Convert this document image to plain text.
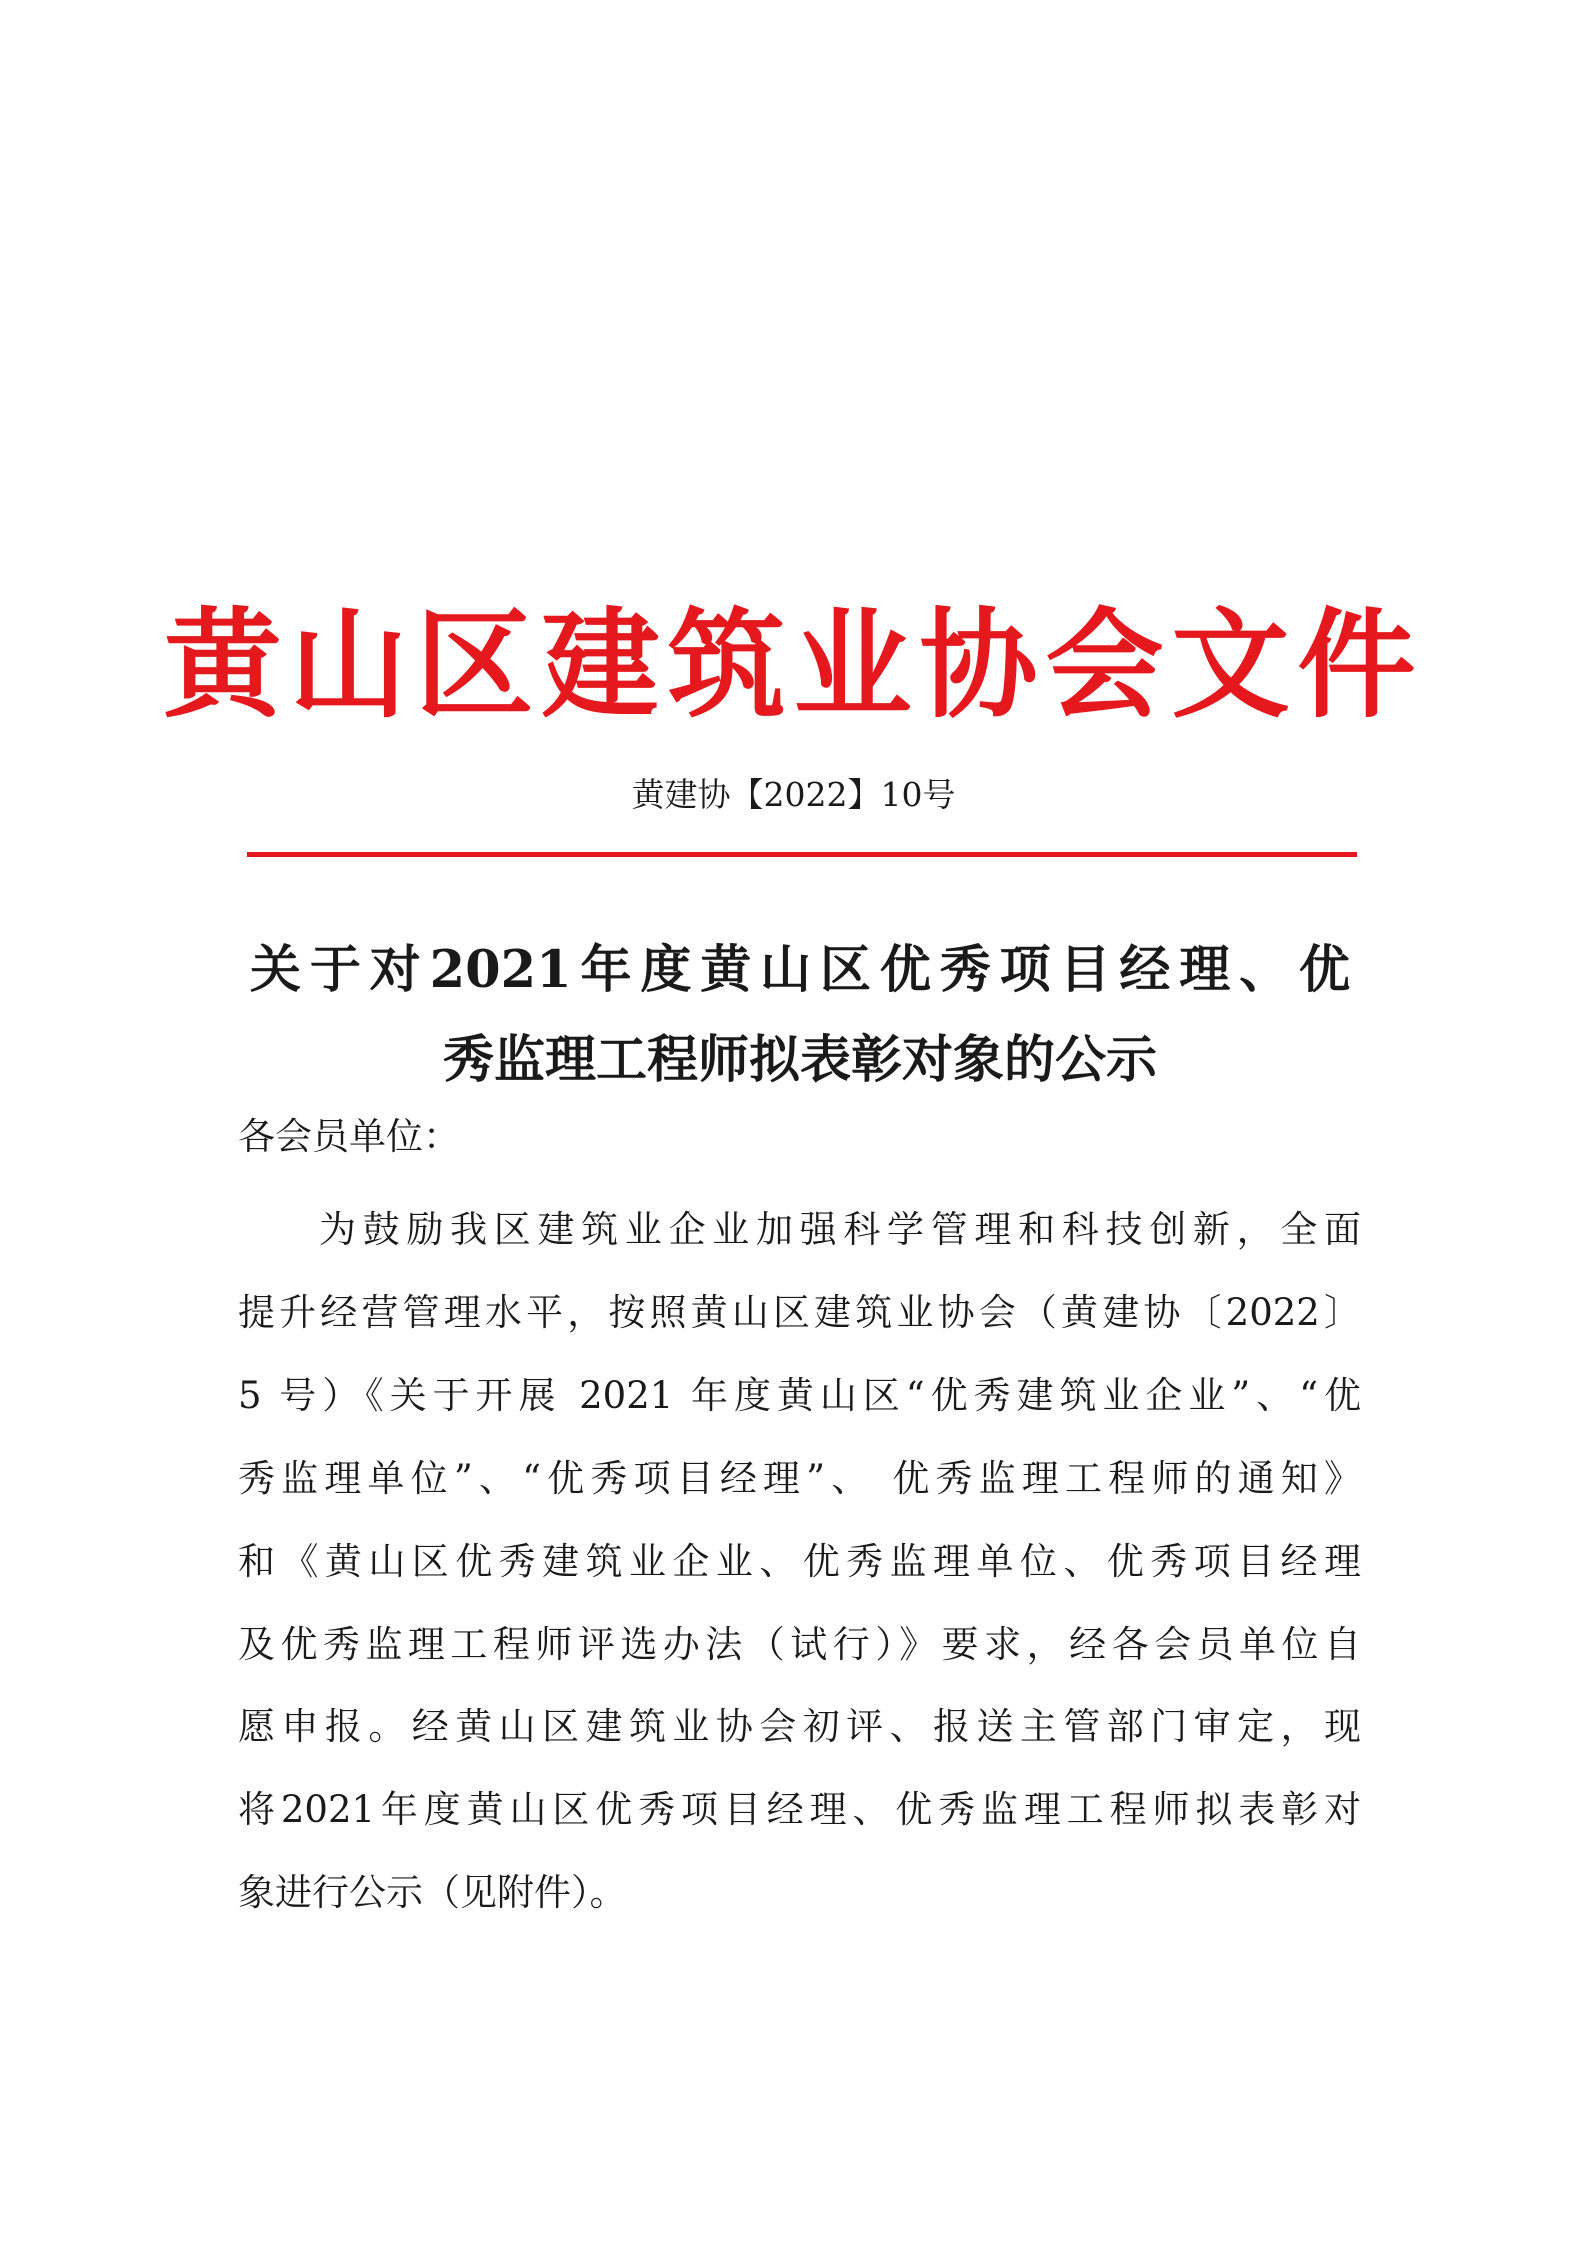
黄山区建筑业协会文件
黄建协【2022】10号
关于对2021年度黄山区优秀项目经理、优
秀监理工程师拟表彰对象的公示
各会员单位：
为鼓励我区建筑业企业加强科学管理和科技创新，全面
提升经营管理水平，按照黄山区建筑业协会（黄建协〔2022〕
5 号）《关于开展 2021 年度黄山区“优秀建筑业企业”、“优
秀监理单位”、“优秀项目经理”、 优秀监理工程师的通知》
和《黄山区优秀建筑业企业、优秀监理单位、优秀项目经理
及优秀监理工程师评选办法（试行）》要求，经各会员单位自
愿申报。经黄山区建筑业协会初评、报送主管部门审定，现
将2021年度黄山区优秀项目经理、优秀监理工程师拟表彰对
象进行公示（见附件）。
